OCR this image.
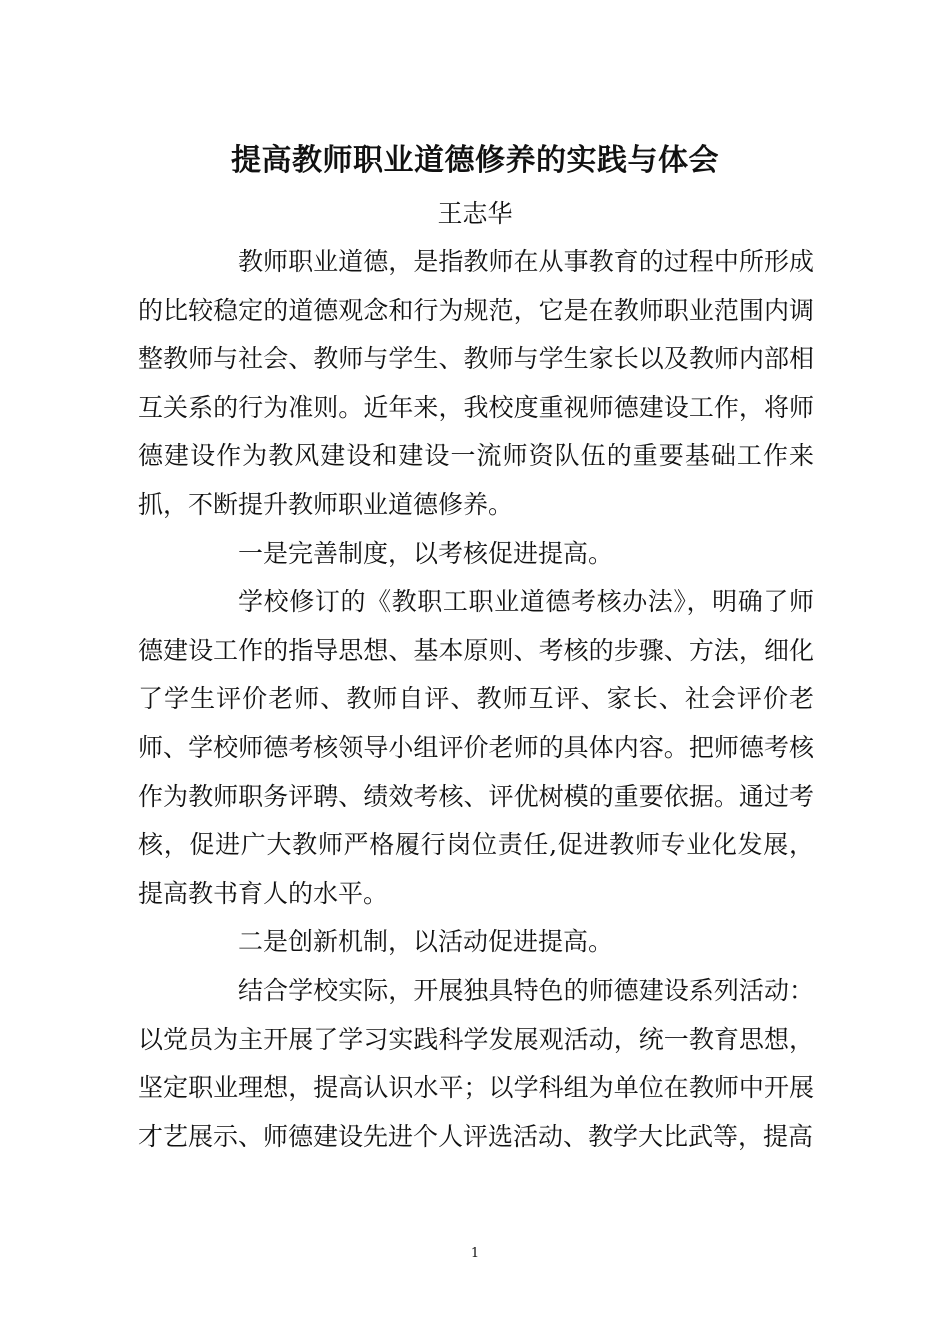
提高教师职业道德修养的实践与体会

王志华

教师职业道德，是指教师在从事教育的过程中所形成的比较稳定的道德观念和行为规范，它是在教师职业范围内调整教师与社会、教师与学生、教师与学生家长以及教师内部相互关系的行为准则。近年来，我校度重视师德建设工作，将师德建设作为教风建设和建设一流师资队伍的重要基础工作来抓，不断提升教师职业道德修养。

一是完善制度，以考核促进提高。

学校修订的《教职工职业道德考核办法》，明确了师德建设工作的指导思想、基本原则、考核的步骤、方法，细化了学生评价老师、教师自评、教师互评、家长、社会评价老师、学校师德考核领导小组评价老师的具体内容。把师德考核作为教师职务评聘、绩效考核、评优树模的重要依据。通过考核，促进广大教师严格履行岗位责任,促进教师专业化发展，提高教书育人的水平。

二是创新机制，以活动促进提高。

结合学校实际，开展独具特色的师德建设系列活动：以党员为主开展了学习实践科学发展观活动，统一教育思想，坚定职业理想，提高认识水平；以学科组为单位在教师中开展才艺展示、师德建设先进个人评选活动、教学大比武等，提高

1
